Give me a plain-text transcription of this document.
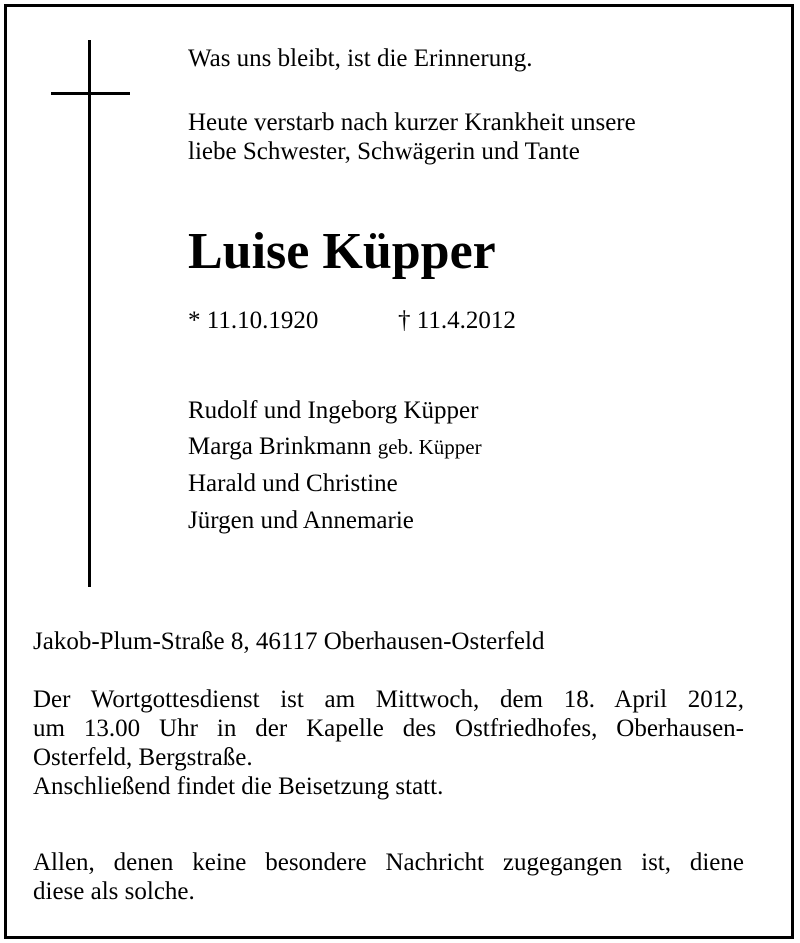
Was uns bleibt, ist die Erinnerung.

Heute verstarb nach kurzer Krankheit unsere

liebe Schwester, Schwägerin und Tante

Luise Küpper

* 11.10.1920	† 11.4.2012

Rudolf und Ingeborg Küpper

Marga Brinkmann geb. Küpper

Harald und Christine

Jürgen und Annemarie

Jakob-Plum-Straße 8, 46117 Oberhausen-Osterfeld

Der Wortgottesdienst ist am Mittwoch, dem 18. April 2012,
um 13.00 Uhr in der Kapelle des Ostfriedhofes, Oberhausen-
Osterfeld, Bergstraße.
Anschließend findet die Beisetzung statt.
Allen, denen keine besondere Nachricht zugegangen ist, diene
diese als solche.
